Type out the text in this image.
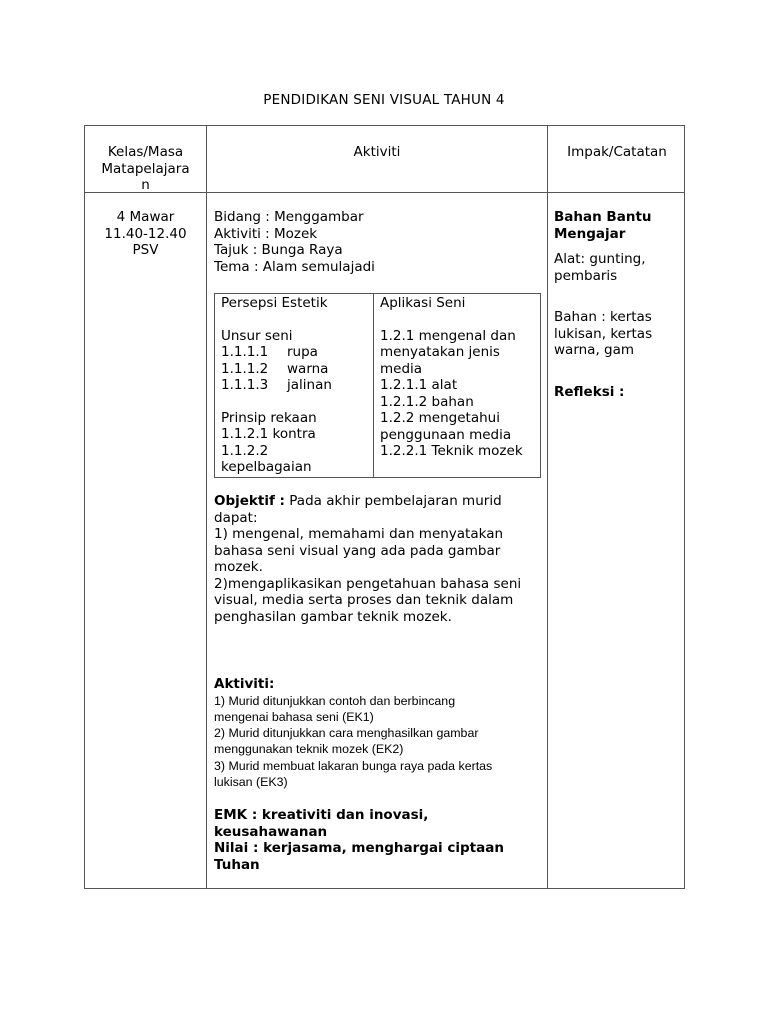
PENDIDIKAN SENI VISUAL TAHUN 4
Kelas/Masa
Matapelajara
n
Aktiviti	Impak/Catatan
4 Mawar
11.40-12.40
PSV
Bidang : Menggambar
Aktiviti : Mozek
Tajuk : Bunga Raya
Tema : Alam semulajadi
Persepsi Estetik
Unsur seni
1.1.1.1 rupa
1.1.1.2 warna
1.1.1.3 jalinan
Prinsip rekaan
1.1.2.1 kontra
1.1.2.2
kepelbagaian
Aplikasi Seni
1.2.1 mengenal dan
menyatakan jenis
media
1.2.1.1 alat
1.2.1.2 bahan
1.2.2 mengetahui
penggunaan media
1.2.2.1 Teknik mozek
Objektif : Pada akhir pembelajaran murid
dapat:
1) mengenal, memahami dan menyatakan
bahasa seni visual yang ada pada gambar
mozek.
2)mengaplikasikan pengetahuan bahasa seni
visual, media serta proses dan teknik dalam
penghasilan gambar teknik mozek.
Aktiviti:
1) Murid ditunjukkan contoh dan berbincang
mengenai bahasa seni (EK1)
2) Murid ditunjukkan cara menghasilkan gambar
menggunakan teknik mozek (EK2)
3) Murid membuat lakaran bunga raya pada kertas
lukisan (EK3)
EMK : kreativiti dan inovasi,
keusahawanan
Nilai : kerjasama, menghargai ciptaan
Tuhan
Bahan Bantu
Mengajar
Alat: gunting,
pembaris
Bahan : kertas
lukisan, kertas
warna, gam
Refleksi :
